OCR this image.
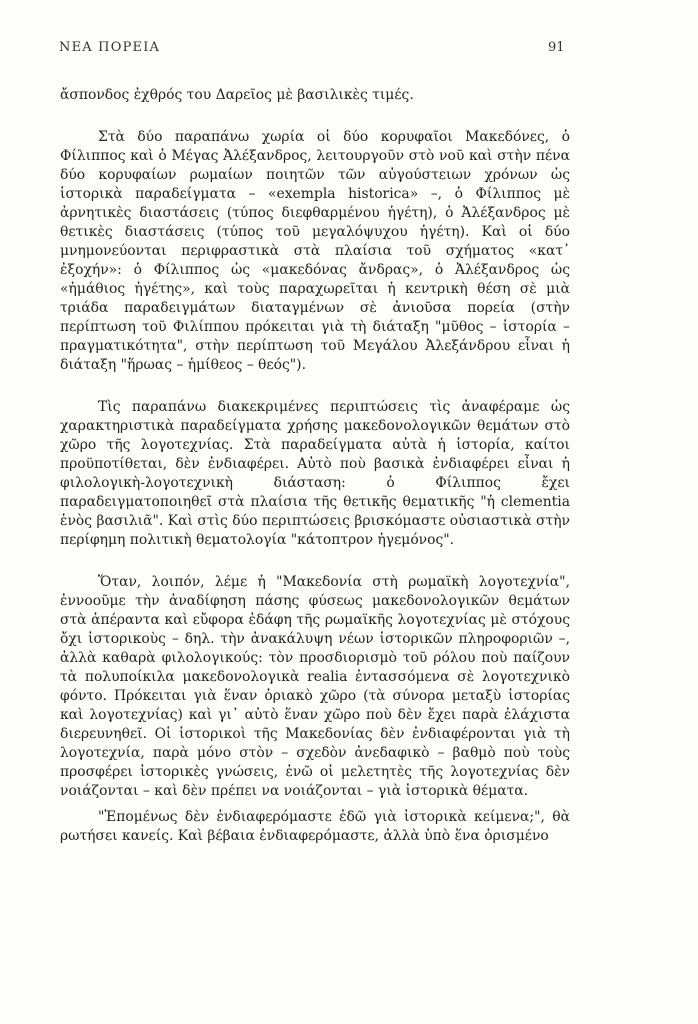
ΝΕΑ ΠΟΡΕΙΑ	91

ἄσπονδος ἐχθρός του Δαρεῖος μὲ βασιλικὲς τιμές.

Στὰ δύο παραπάνω χωρία οἱ δύο κορυφαῖοι Μακεδόνες, ὁ Φίλιππος καὶ ὁ Μέγας Ἀλέξανδρος, λειτουργοῦν στὸ νοῦ καὶ στὴν πένα δύο κορυφαίων ρωμαίων ποιητῶν τῶν αὐγούστειων χρόνων ὡς ἱστορικὰ παραδείγματα – «exempla historica» –, ὁ Φίλιππος μὲ ἀρνητικὲς διαστάσεις (τύπος διεφθαρμένου ἡγέτη), ὁ Ἀλέξανδρος μὲ θετικὲς διαστάσεις (τύπος τοῦ μεγαλόψυχου ἡγέτη). Καὶ οἱ δύο μνημονεύονται περιφραστικὰ στὰ πλαίσια τοῦ σχήματος «κατ᾽ ἐξοχήν»: ὁ Φίλιππος ὡς «μακεδόνας ἄνδρας», ὁ Ἀλέξανδρος ὡς «ἡμάθιος ἡγέτης», καὶ τοὺς παραχωρεῖται ἡ κεντρικὴ θέση σὲ μιὰ τριάδα παραδειγμάτων διαταγμένων σὲ ἀνιοῦσα πορεία (στὴν περίπτωση τοῦ Φιλίππου πρόκειται γιὰ τὴ διάταξη "μῦθος – ἱστορία – πραγματικότητα", στὴν περίπτωση τοῦ Μεγάλου Ἀλεξάνδρου εἶναι ἡ διάταξη "ἥρωας – ἡμίθεος – θεός").

Τὶς παραπάνω διακεκριμένες περιπτώσεις τὶς ἀναφέραμε ὡς χαρακτηριστικὰ παραδείγματα χρήσης μακεδονολογικῶν θεμάτων στὸ χῶρο τῆς λογοτεχνίας. Στὰ παραδείγματα αὐτὰ ἡ ἱστορία, καίτοι προϋποτίθεται, δὲν ἐνδιαφέρει. Αὐτὸ ποὺ βασικὰ ἐνδιαφέρει εἶναι ἡ φιλολογικὴ-λογοτεχνικὴ διάσταση: ὁ Φίλιππος ἔχει παραδειγματοποιηθεῖ στὰ πλαίσια τῆς θετικῆς θεματικῆς "ἡ clementia ἑνὸς βασιλιᾶ". Καὶ στὶς δύο περιπτώσεις βρισκόμαστε οὐσιαστικὰ στὴν περίφημη πολιτικὴ θεματολογία "κάτοπτρον ἡγεμόνος".

Ὅταν, λοιπόν, λέμε ἡ "Μακεδονία στὴ ρωμαϊκὴ λογοτεχνία", ἐννοοῦμε τὴν ἀναδίφηση πάσης φύσεως μακεδονολογικῶν θεμάτων στὰ ἀπέραντα καὶ εὔφορα ἐδάφη τῆς ρωμαϊκῆς λογοτεχνίας μὲ στόχους ὄχι ἱστορικοὺς – δηλ. τὴν ἀνακάλυψη νέων ἱστορικῶν πληροφοριῶν –, ἀλλὰ καθαρὰ φιλολογικούς: τὸν προσδιορισμὸ τοῦ ρόλου ποὺ παίζουν τὰ πολυποίκιλα μακεδονολογικὰ realia ἐντασσόμενα σὲ λογοτεχνικὸ φόντο. Πρόκειται γιὰ ἕναν ὁριακὸ χῶρο (τὰ σύνορα μεταξὺ ἱστορίας καὶ λογοτεχνίας) καὶ γι᾽ αὐτὸ ἕναν χῶρο ποὺ δὲν ἔχει παρὰ ἐλάχιστα διερευνηθεῖ. Οἱ ἱστορικοὶ τῆς Μακεδονίας δὲν ἐνδιαφέρονται γιὰ τὴ λογοτεχνία, παρὰ μόνο στὸν – σχεδὸν ἀνεδαφικὸ – βαθμὸ ποὺ τοὺς προσφέρει ἱστορικὲς γνώσεις, ἐνῶ οἱ μελετητὲς τῆς λογοτεχνίας δὲν νοιάζονται – καὶ δὲν πρέπει να νοιάζονται – γιὰ ἱστορικὰ θέματα.

"Ἐπομένως δὲν ἐνδιαφερόμαστε ἐδῶ γιὰ ἱστορικὰ κείμενα;", θὰ ρωτήσει κανείς. Καὶ βέβαια ἐνδιαφερόμαστε, ἀλλὰ ὑπὸ ἕνα ὁρισμένο
